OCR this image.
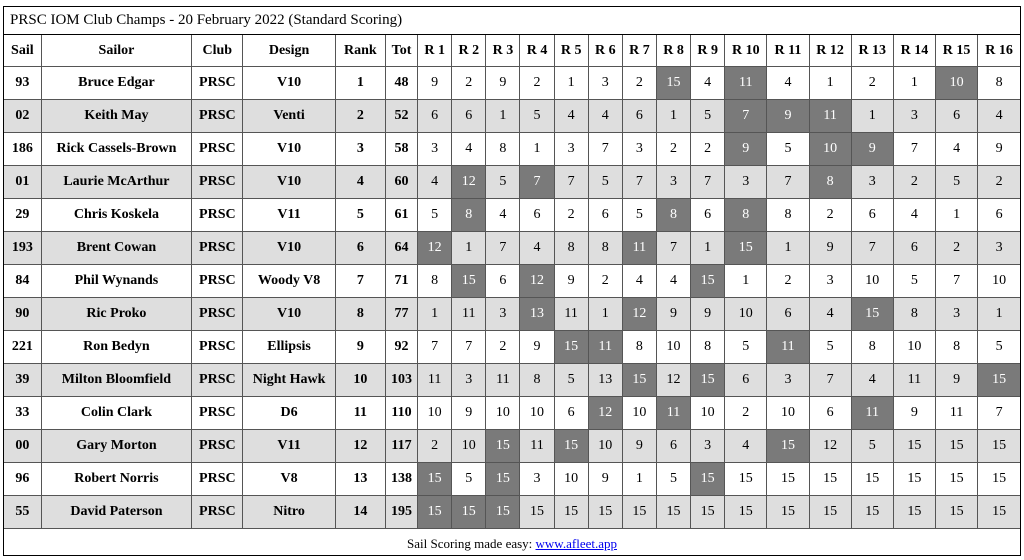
PRSC IOM Club Champs - 20 February 2022 (Standard Scoring)
Sail	Sailor	Club	Design	Rank	Tot	R 1	R 2	R 3	R 4	R 5	R 6	R 7	R 8	R 9	R 10	R 11	R 12	R 13	R 14	R 15	R 16
93	Bruce Edgar	PRSC	V10	1	48	9	2	9	2	1	3	2	15	4	11	4	1	2	1	10	8
02	Keith May	PRSC	Venti	2	52	6	6	1	5	4	4	6	1	5	7	9	11	1	3	6	4
186	Rick Cassels-Brown	PRSC	V10	3	58	3	4	8	1	3	7	3	2	2	9	5	10	9	7	4	9
01	Laurie McArthur	PRSC	V10	4	60	4	12	5	7	7	5	7	3	7	3	7	8	3	2	5	2
29	Chris Koskela	PRSC	V11	5	61	5	8	4	6	2	6	5	8	6	8	8	2	6	4	1	6
193	Brent Cowan	PRSC	V10	6	64	12	1	7	4	8	8	11	7	1	15	1	9	7	6	2	3
84	Phil Wynands	PRSC	Woody V8	7	71	8	15	6	12	9	2	4	4	15	1	2	3	10	5	7	10
90	Ric Proko	PRSC	V10	8	77	1	11	3	13	11	1	12	9	9	10	6	4	15	8	3	1
221	Ron Bedyn	PRSC	Ellipsis	9	92	7	7	2	9	15	11	8	10	8	5	11	5	8	10	8	5
39	Milton Bloomfield	PRSC	Night Hawk	10	103	11	3	11	8	5	13	15	12	15	6	3	7	4	11	9	15
33	Colin Clark	PRSC	D6	11	110	10	9	10	10	6	12	10	11	10	2	10	6	11	9	11	7
00	Gary Morton	PRSC	V11	12	117	2	10	15	11	15	10	9	6	3	4	15	12	5	15	15	15
96	Robert Norris	PRSC	V8	13	138	15	5	15	3	10	9	1	5	15	15	15	15	15	15	15	15
55	David Paterson	PRSC	Nitro	14	195	15	15	15	15	15	15	15	15	15	15	15	15	15	15	15	15
Sail Scoring made easy: www.afleet.app
